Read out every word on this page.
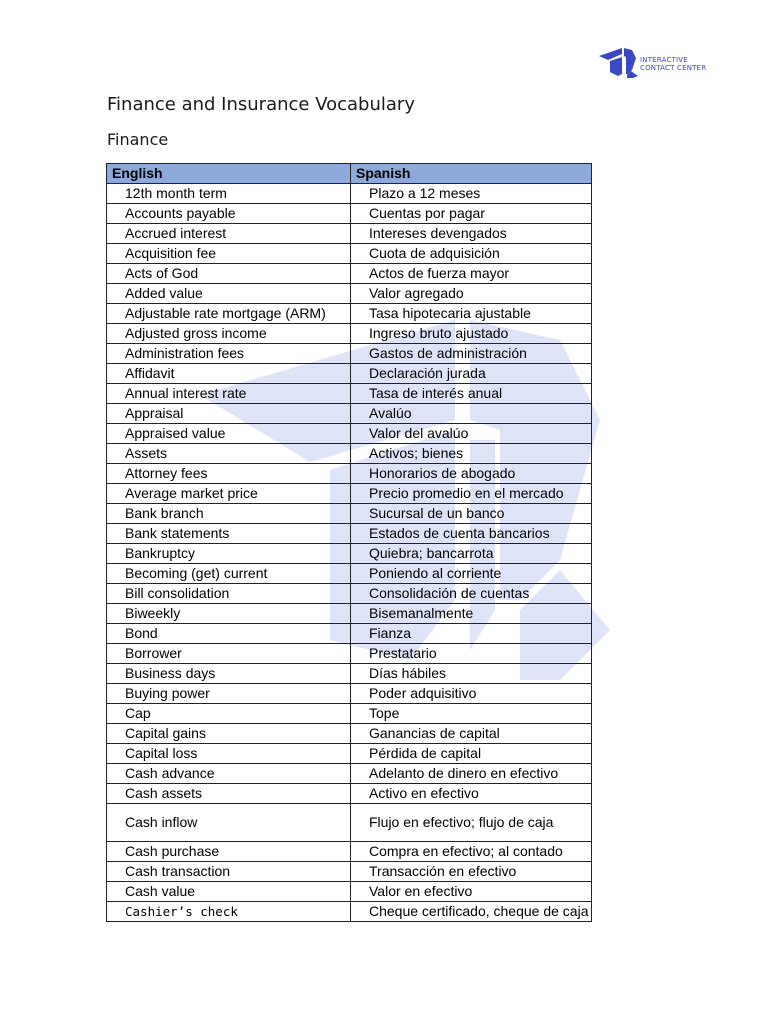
INTERACTIVE
CONTACT CENTER
Finance and Insurance Vocabulary
Finance
English	Spanish
12th month term	Plazo a 12 meses
Accounts payable	Cuentas por pagar
Accrued interest	Intereses devengados
Acquisition fee	Cuota de adquisición
Acts of God	Actos de fuerza mayor
Added value	Valor agregado
Adjustable rate mortgage (ARM)	Tasa hipotecaria ajustable
Adjusted gross income	Ingreso bruto ajustado
Administration fees	Gastos de administración
Affidavit	Declaración jurada
Annual interest rate	Tasa de interés anual
Appraisal	Avalúo
Appraised value	Valor del avalúo
Assets	Activos; bienes
Attorney fees	Honorarios de abogado
Average market price	Precio promedio en el mercado
Bank branch	Sucursal de un banco
Bank statements	Estados de cuenta bancarios
Bankruptcy	Quiebra; bancarrota
Becoming (get) current	Poniendo al corriente
Bill consolidation	Consolidación de cuentas
Biweekly	Bisemanalmente
Bond	Fianza
Borrower	Prestatario
Business days	Días hábiles
Buying power	Poder adquisitivo
Cap	Tope
Capital gains	Ganancias de capital
Capital loss	Pérdida de capital
Cash advance	Adelanto de dinero en efectivo
Cash assets	Activo en efectivo
Cash inflow	Flujo en efectivo; flujo de caja
Cash purchase	Compra en efectivo; al contado
Cash transaction	Transacción en efectivo
Cash value	Valor en efectivo
Cashier’s check	Cheque certificado, cheque de caja
